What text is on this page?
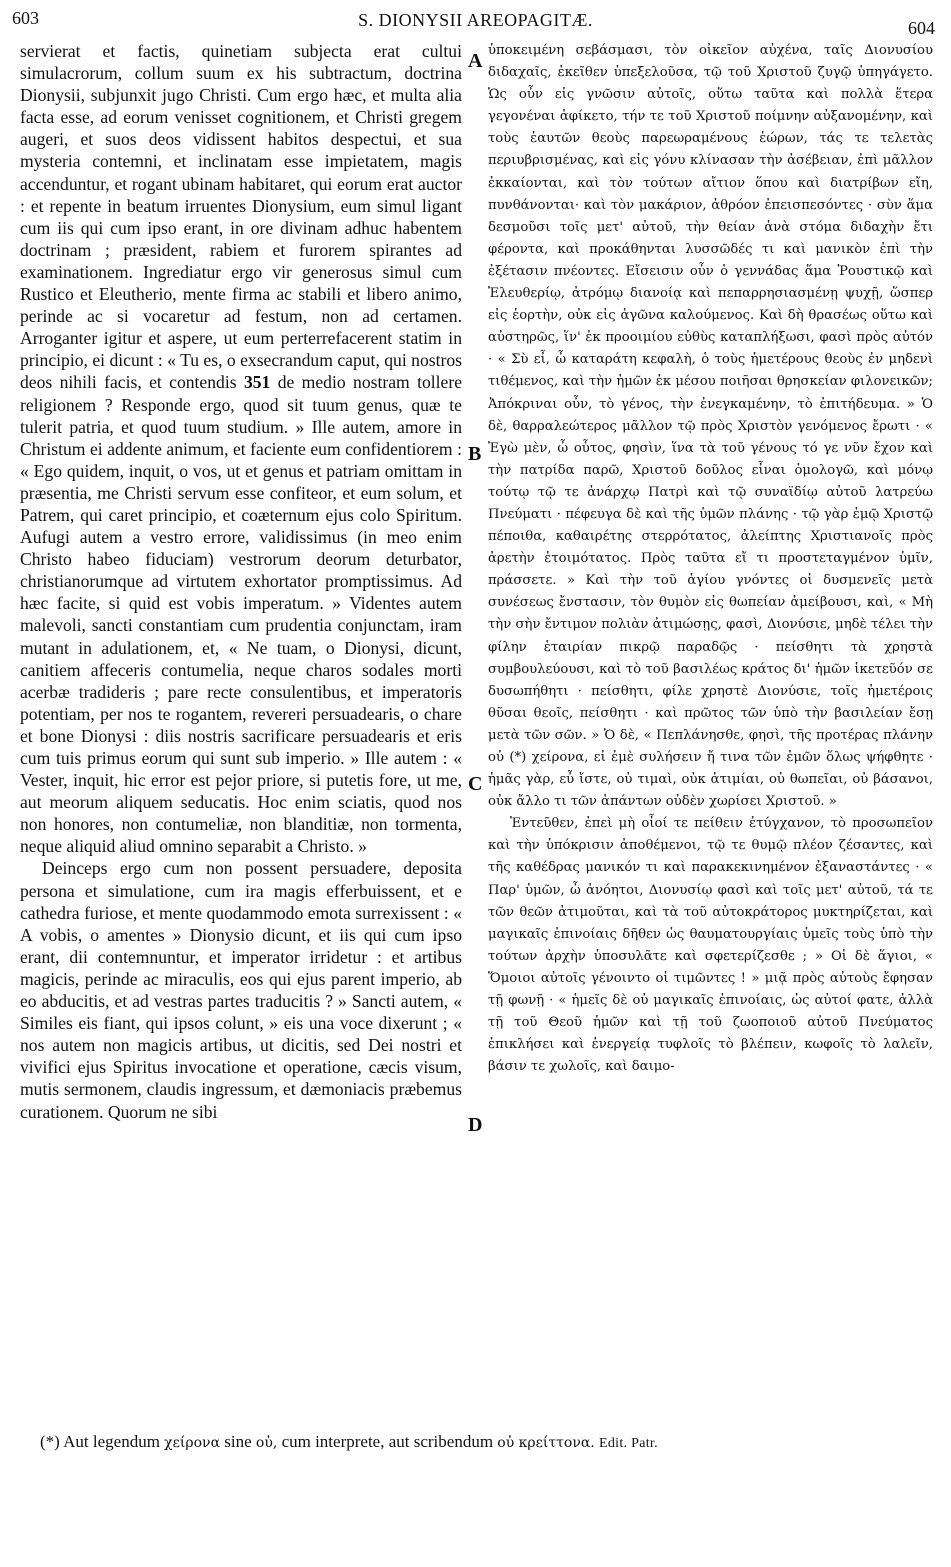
603	S. DIONYSII AREOPAGITÆ.	604

servierat et factis, quinetiam subjecta erat cultui simulacrorum, collum suum ex his subtractum, doctrina Dionysii, subjunxit jugo Christi. Cum ergo hæc, et multa alia facta esse, ad eorum venisset cognitionem, et Christi gregem augeri, et suos deos vidissent habitos despectui, et sua mysteria contemni, et inclinatam esse impietatem, magis accenduntur, et rogant ubinam habitaret, qui eorum erat auctor : et repente in beatum irruentes Dionysium, eum simul ligant cum iis qui cum ipso erant, in ore divinam adhuc habentem doctrinam ; præsident, rabiem et furorem spirantes ad examinationem. Ingrediatur ergo vir generosus simul cum Rustico et Eleutherio, mente firma ac stabili et libero animo, perinde ac si vocaretur ad festum, non ad certamen. Arroganter igitur et aspere, ut eum perterrefacerent statim in principio, ei dicunt : « Tu es, o exsecrandum caput, qui nostros deos nihili facis, et contendis 351 de medio nostram tollere religionem ? Responde ergo, quod sit tuum genus, quæ te tulerit patria, et quod tuum studium. » Ille autem, amore in Christum ei addente animum, et faciente eum confidentiorem : « Ego quidem, inquit, o vos, ut et genus et patriam omittam in præsentia, me Christi servum esse confiteor, et eum solum, et Patrem, qui caret principio, et coæternum ejus colo Spiritum. Aufugi autem a vestro errore, validissimus (in meo enim Christo habeo fiduciam) vestrorum deorum deturbator, christianorumque ad virtutem exhortator promptissimus. Ad hæc facite, si quid est vobis imperatum. » Videntes autem malevoli, sancti constantiam cum prudentia conjunctam, iram mutant in adulationem, et, « Ne tuam, o Dionysi, dicunt, canitiem affeceris contumelia, neque charos sodales morti acerbæ tradideris ; pare recte consulentibus, et imperatoris potentiam, per nos te rogantem, revereri persuadearis, o chare et bone Dionysi : diis nostris sacrificare persuadearis et eris cum tuis primus eorum qui sunt sub imperio. » Ille autem : « Vester, inquit, hic error est pejor priore, si putetis fore, ut me, aut meorum aliquem seducatis. Hoc enim sciatis, quod nos non honores, non contumeliæ, non blanditiæ, non tormenta, neque aliquid aliud omnino separabit a Christo. »

Deinceps ergo cum non possent persuadere, deposita persona et simulatione, cum ira magis efferbuissent, et e cathedra furiose, et mente quodammodo emota surrexissent : « A vobis, o amentes » Dionysio dicunt, et iis qui cum ipso erant, dii contemnuntur, et imperator irridetur : et artibus magicis, perinde ac miraculis, eos qui ejus parent imperio, ab eo abducitis, et ad vestras partes traducitis ? » Sancti autem, « Similes eis fiant, qui ipsos colunt, » eis una voce dixerunt ; « nos autem non magicis artibus, ut dicitis, sed Dei nostri et vivifici ejus Spiritus invocatione et operatione, cæcis visum, mutis sermonem, claudis ingressum, et dæmoniacis præbemus curationem. Quorum ne sibi

ὑποκειμένη σεβάσμασι, τὸν οἰκεῖον αὐχένα, ταῖς Διονυσίου διδαχαῖς, ἐκεῖθεν ὑπεξελοῦσα, τῷ τοῦ Χριστοῦ ζυγῷ ὑπηγάγετο. Ὡς οὖν εἰς γνῶσιν αὐτοῖς, οὕτω ταῦτα καὶ πολλὰ ἕτερα γεγονέναι ἀφίκετο, τήν τε τοῦ Χριστοῦ ποίμνην αὐξανομένην, καὶ τοὺς ἑαυτῶν θεοὺς παρεωραμένους ἑώρων, τάς τε τελετὰς περιυβρισμένας, καὶ εἰς γόνυ κλίνασαν τὴν ἀσέβειαν, ἐπὶ μᾶλλον ἐκκαίονται, καὶ τὸν τούτων αἴτιον ὅπου καὶ διατρίβων εἴη, πυνθάνονται· καὶ τὸν μακάριον, ἀθρόον ἐπεισπεσόντες · σὺν ἅμα δεσμοῦσι τοῖς μετ' αὐτοῦ, τὴν θείαν ἀνὰ στόμα διδαχὴν ἔτι φέροντα, καὶ προκάθηνται λυσσῶδές τι καὶ μανικὸν ἐπὶ τὴν ἐξέτασιν πνέοντες. Εἴσεισιν οὖν ὁ γεννάδας ἅμα Ῥουστικῷ καὶ Ἐλευθερίῳ, ἀτρόμῳ διανοίᾳ καὶ πεπαρρησιασμένῃ ψυχῇ, ὥσπερ εἰς ἑορτὴν, οὐκ εἰς ἀγῶνα καλούμενος. Καὶ δὴ θρασέως οὕτω καὶ αὐστηρῶς, ἵν' ἐκ προοιμίου εὐθὺς καταπλήξωσι, φασὶ πρὸς αὐτόν · « Σὺ εἶ, ὦ καταράτη κεφαλὴ, ὁ τοὺς ἡμετέρους θεοὺς ἐν μηδενὶ τιθέμενος, καὶ τὴν ἡμῶν ἐκ μέσου ποιῆσαι θρησκείαν φιλονεικῶν; Ἀπόκριναι οὖν, τὸ γένος, τὴν ἐνεγκαμένην, τὸ ἐπιτήδευμα. » Ὁ δὲ, θαρραλεώτερος μᾶλλον τῷ πρὸς Χριστὸν γενόμενος ἔρωτι · « Ἐγὼ μὲν, ὦ οὗτος, φησὶν, ἵνα τὰ τοῦ γένους τό γε νῦν ἔχον καὶ τὴν πατρίδα παρῶ, Χριστοῦ δοῦλος εἶναι ὁμολογῶ, καὶ μόνῳ τούτῳ τῷ τε ἀνάρχῳ Πατρὶ καὶ τῷ συναϊδίῳ αὐτοῦ λατρεύω Πνεύματι · πέφευγα δὲ καὶ τῆς ὑμῶν πλάνης · τῷ γὰρ ἐμῷ Χριστῷ πέποιθα, καθαιρέτης στερρότατος, ἀλείπτης Χριστιανοῖς πρὸς ἀρετὴν ἑτοιμότατος. Πρὸς ταῦτα εἴ τι προστεταγμένον ὑμῖν, πράσσετε. » Καὶ τὴν τοῦ ἁγίου γνόντες οἱ δυσμενεῖς μετὰ συνέσεως ἔνστασιν, τὸν θυμὸν εἰς θωπείαν ἀμείβουσι, καὶ, « Μὴ τὴν σὴν ἔντιμον πολιὰν ἀτιμώσῃς, φασὶ, Διονύσιε, μηδὲ τέλει τὴν φίλην ἑταιρίαν πικρῷ παραδῷς · πείσθητι τὰ χρηστὰ συμβουλεύουσι, καὶ τὸ τοῦ βασιλέως κράτος δι' ἡμῶν ἱκετεῦόν σε δυσωπήθητι · πείσθητι, φίλε χρηστὲ Διονύσιε, τοῖς ἡμετέροις θῦσαι θεοῖς, πείσθητι · καὶ πρῶτος τῶν ὑπὸ τὴν βασιλείαν ἔσῃ μετὰ τῶν σῶν. » Ὁ δὲ, « Πεπλάνησθε, φησὶ, τῆς προτέρας πλάνην οὐ (*) χείρονα, εἰ ἐμὲ συλήσειν ἤ τινα τῶν ἐμῶν ὅλως ψήφθητε · ἡμᾶς γὰρ, εὖ ἴστε, οὐ τιμαὶ, οὐκ ἀτιμίαι, οὐ θωπεῖαι, οὐ βάσανοι, οὐκ ἄλλο τι τῶν ἁπάντων οὐδὲν χωρίσει Χριστοῦ. »

Ἐντεῦθεν, ἐπεὶ μὴ οἷοί τε πείθειν ἐτύγχανον, τὸ προσωπεῖον καὶ τὴν ὑπόκρισιν ἀποθέμενοι, τῷ τε θυμῷ πλέον ζέσαντες, καὶ τῆς καθέδρας μανικόν τι καὶ παρακεκινημένον ἐξαναστάντες · « Παρ' ὑμῶν, ὦ ἀνόητοι, Διονυσίῳ φασὶ καὶ τοῖς μετ' αὐτοῦ, τά τε τῶν θεῶν ἀτιμοῦται, καὶ τὰ τοῦ αὐτοκράτορος μυκτηρίζεται, καὶ μαγικαῖς ἐπινοίαις δῆθεν ὡς θαυματουργίαις ὑμεῖς τοὺς ὑπὸ τὴν τούτων ἀρχὴν ὑποσυλᾶτε καὶ σφετερίζεσθε ; » Οἱ δὲ ἅγιοι, « Ὅμοιοι αὐτοῖς γένοιντο οἱ τιμῶντες ! » μιᾷ πρὸς αὐτοὺς ἔφησαν τῇ φωνῇ · « ἡμεῖς δὲ οὐ μαγικαῖς ἐπινοίαις, ὡς αὐτοί φατε, ἀλλὰ τῇ τοῦ Θεοῦ ἡμῶν καὶ τῇ τοῦ ζωοποιοῦ αὐτοῦ Πνεύματος ἐπικλήσει καὶ ἐνεργείᾳ τυφλοῖς τὸ βλέπειν, κωφοῖς τὸ λαλεῖν, βάσιν τε χωλοῖς, καὶ δαιμο-

A
B
C
D
(*) Aut legendum χείρονα sine οὐ, cum interprete, aut scribendum οὐ κρείττονα. Edit. Patr.
